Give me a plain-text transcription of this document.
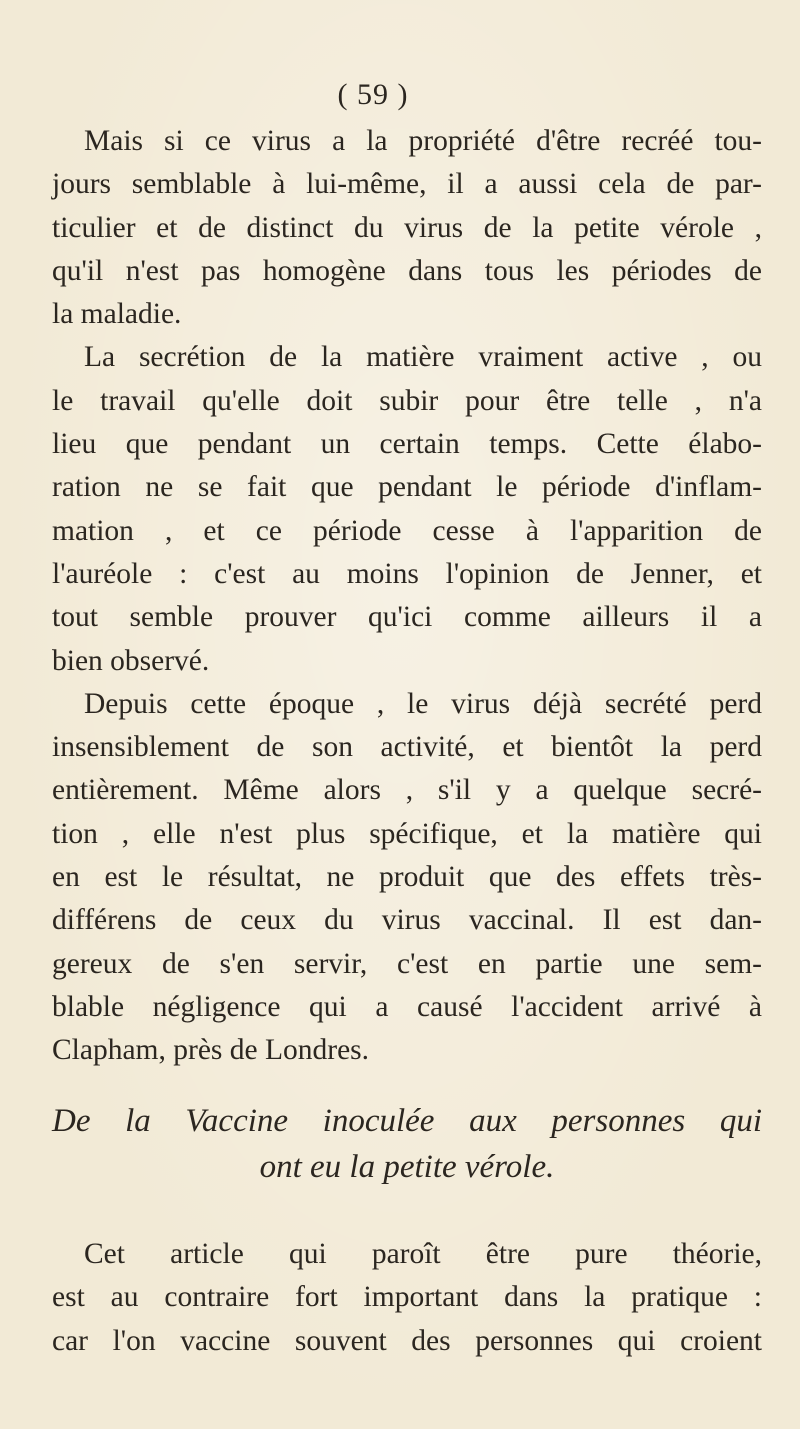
( 59 )

Mais si ce virus a la propriété d'être recréé tou-
jours semblable à lui-même, il a aussi cela de par-
ticulier et de distinct du virus de la petite vérole ,
qu'il n'est pas homogène dans tous les périodes de
la maladie.

La secrétion de la matière vraiment active , ou
le travail qu'elle doit subir pour être telle , n'a
lieu que pendant un certain temps. Cette élabo-
ration ne se fait que pendant le période d'inflam-
mation , et ce période cesse à l'apparition de
l'auréole : c'est au moins l'opinion de Jenner, et
tout semble prouver qu'ici comme ailleurs il a
bien observé.

Depuis cette époque , le virus déjà secrété perd
insensiblement de son activité, et bientôt la perd
entièrement. Même alors , s'il y a quelque secré-
tion , elle n'est plus spécifique, et la matière qui
en est le résultat, ne produit que des effets très-
différens de ceux du virus vaccinal. Il est dan-
gereux de s'en servir, c'est en partie une sem-
blable négligence qui a causé l'accident arrivé à
Clapham, près de Londres.

De la Vaccine inoculée aux personnes qui
ont eu la petite vérole.

Cet article qui paroît être pure théorie,
est au contraire fort important dans la pratique :
car l'on vaccine souvent des personnes qui croient
